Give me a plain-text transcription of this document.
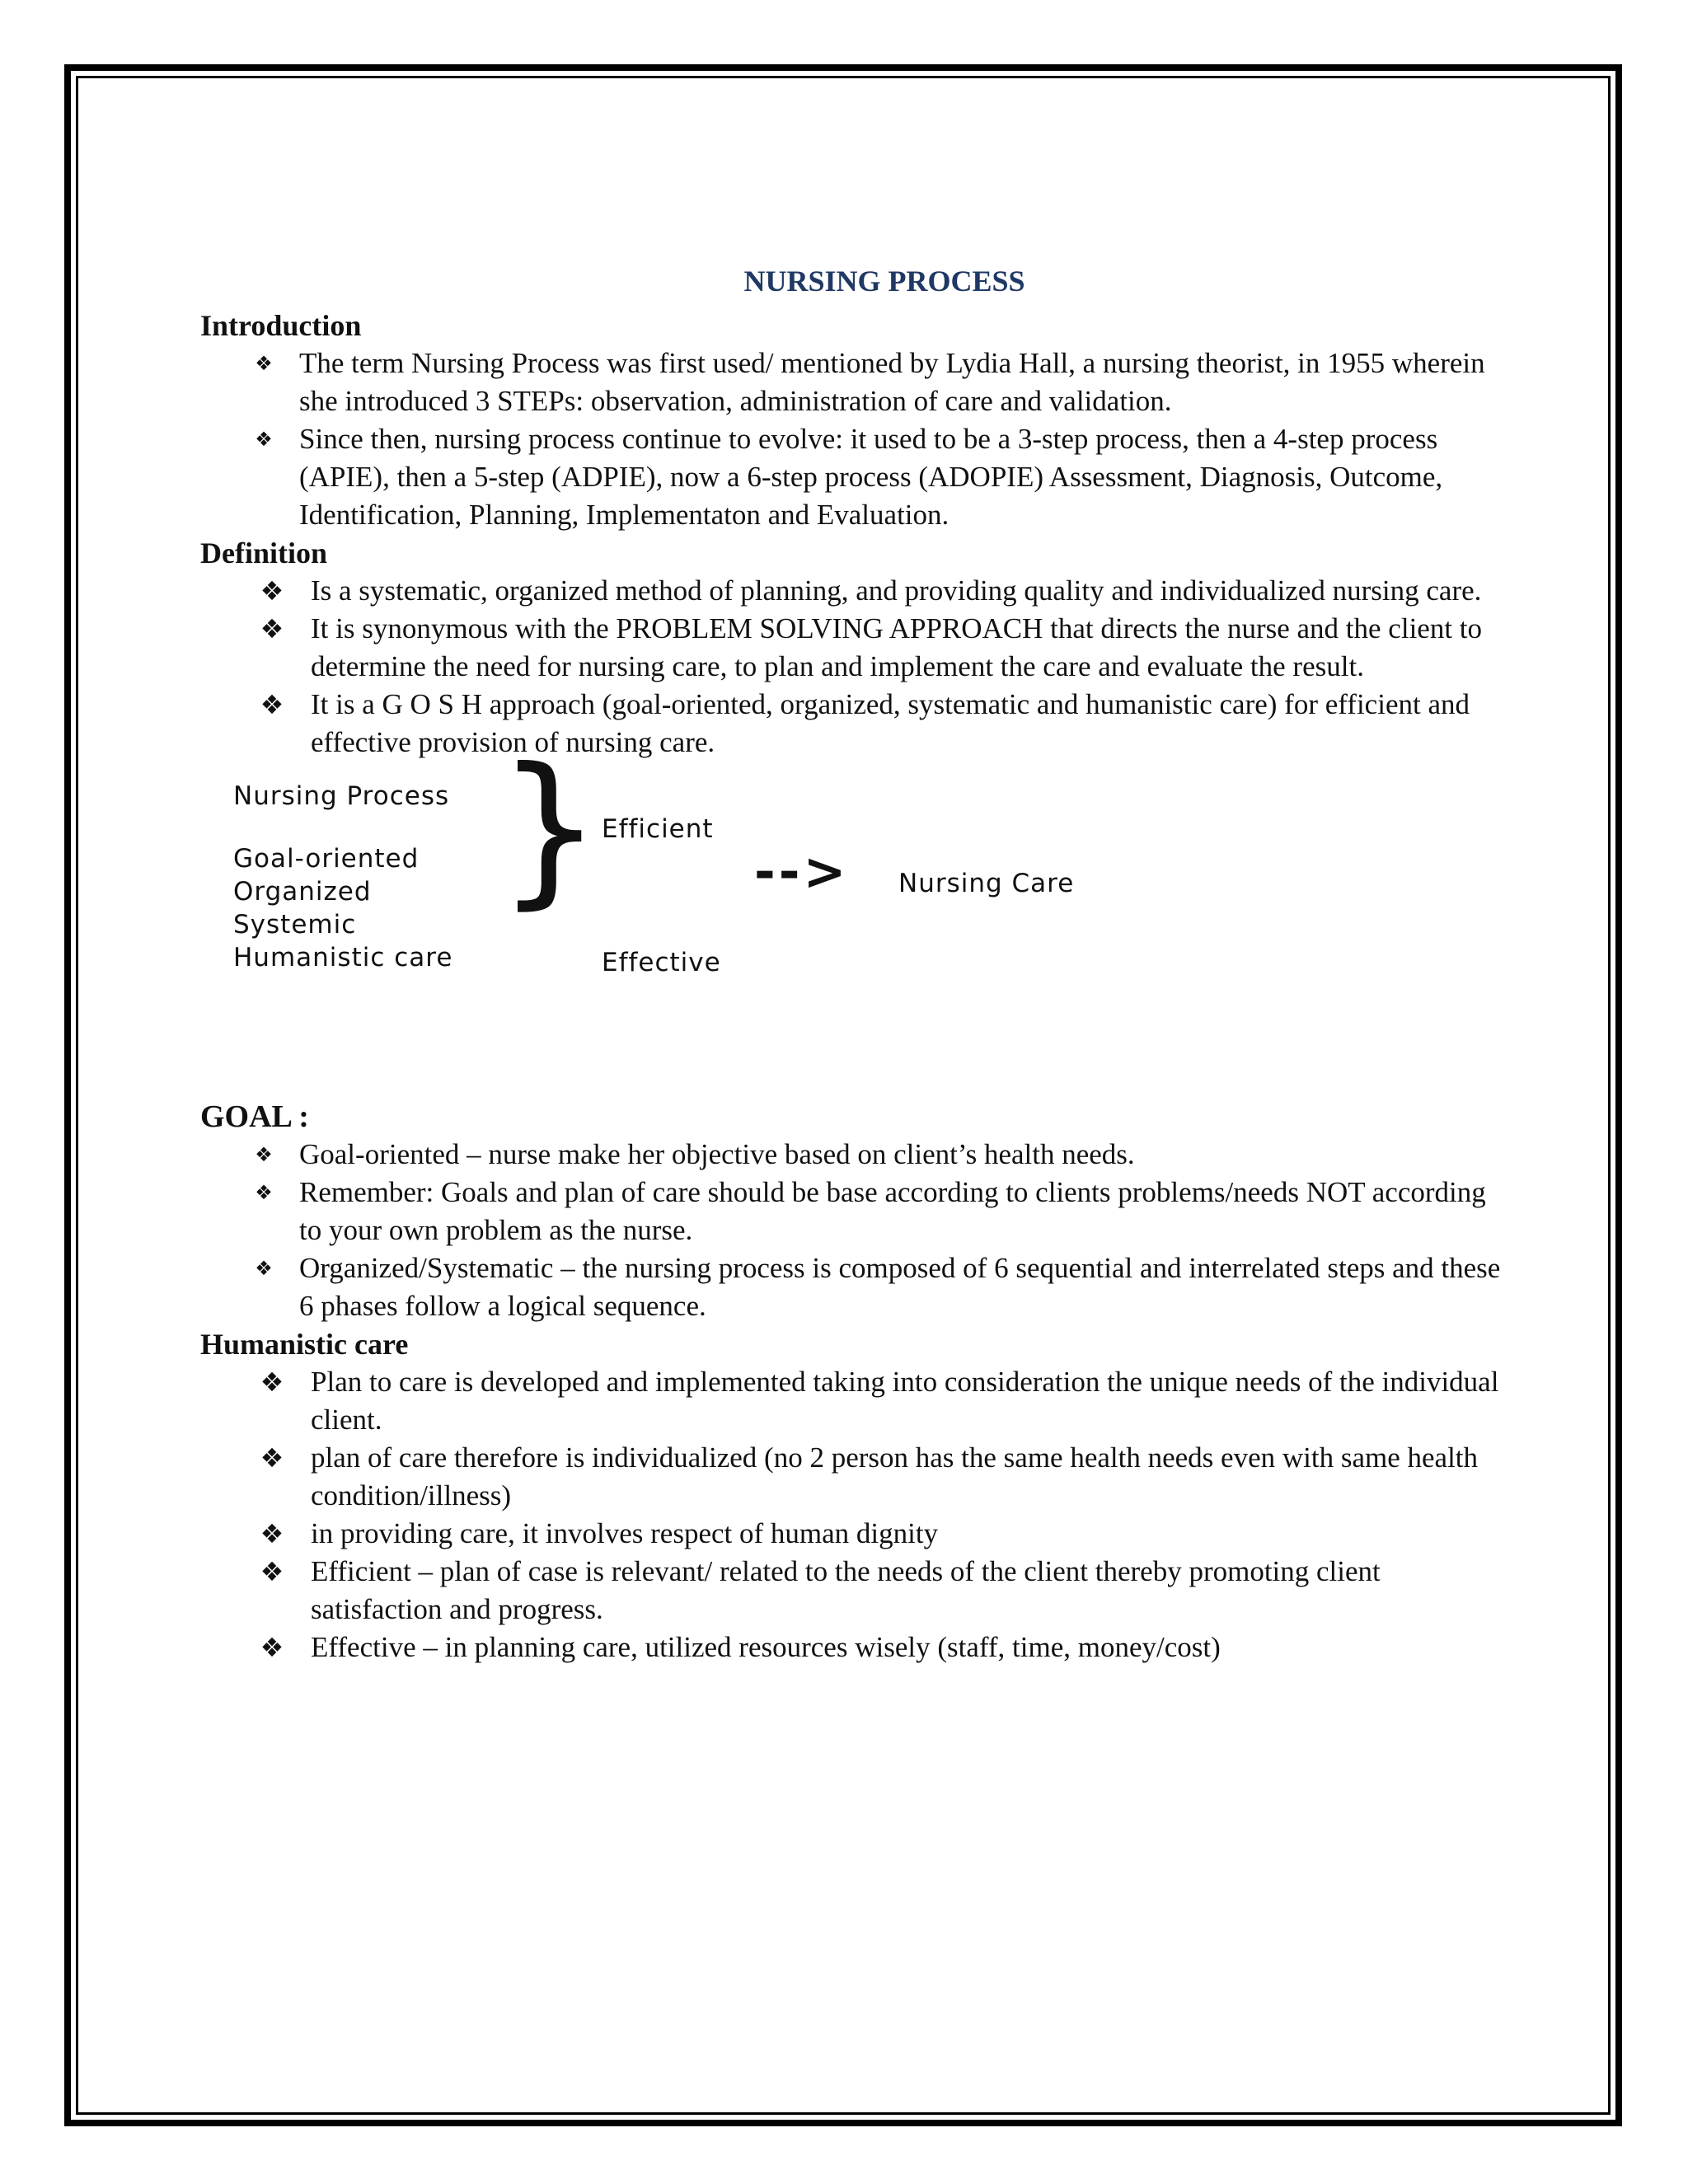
NURSING PROCESS
Introduction
❖ The term Nursing Process was first used/ mentioned by Lydia Hall, a nursing theorist, in 1955 wherein she introduced 3 STEPs: observation, administration of care and validation.
❖ Since then, nursing process continue to evolve: it used to be a 3-step process, then a 4-step process (APIE), then a 5-step (ADPIE), now a 6-step process (ADOPIE) Assessment, Diagnosis, Outcome, Identification, Planning, Implementaton and Evaluation.
Definition
❖ Is a systematic, organized method of planning, and providing quality and individualized nursing care.
❖ It is synonymous with the PROBLEM SOLVING APPROACH that directs the nurse and the client to determine the need for nursing care, to plan and implement the care and evaluate the result.
❖ It is a G O S H approach (goal-oriented, organized, systematic and humanistic care) for efficient and effective provision of nursing care.
Nursing Process
Goal-oriented
Organized
Systemic
Humanistic care
}
Efficient
Effective
--> Nursing Care
GOAL :
❖ Goal-oriented – nurse make her objective based on client’s health needs.
❖ Remember: Goals and plan of care should be base according to clients problems/needs NOT according to your own problem as the nurse.
❖ Organized/Systematic – the nursing process is composed of 6 sequential and interrelated steps and these 6 phases follow a logical sequence.
Humanistic care
❖ Plan to care is developed and implemented taking into consideration the unique needs of the individual client.
❖ plan of care therefore is individualized (no 2 person has the same health needs even with same health condition/illness)
❖ in providing care, it involves respect of human dignity
❖ Efficient – plan of case is relevant/ related to the needs of the client thereby promoting client satisfaction and progress.
❖ Effective – in planning care, utilized resources wisely (staff, time, money/cost)
